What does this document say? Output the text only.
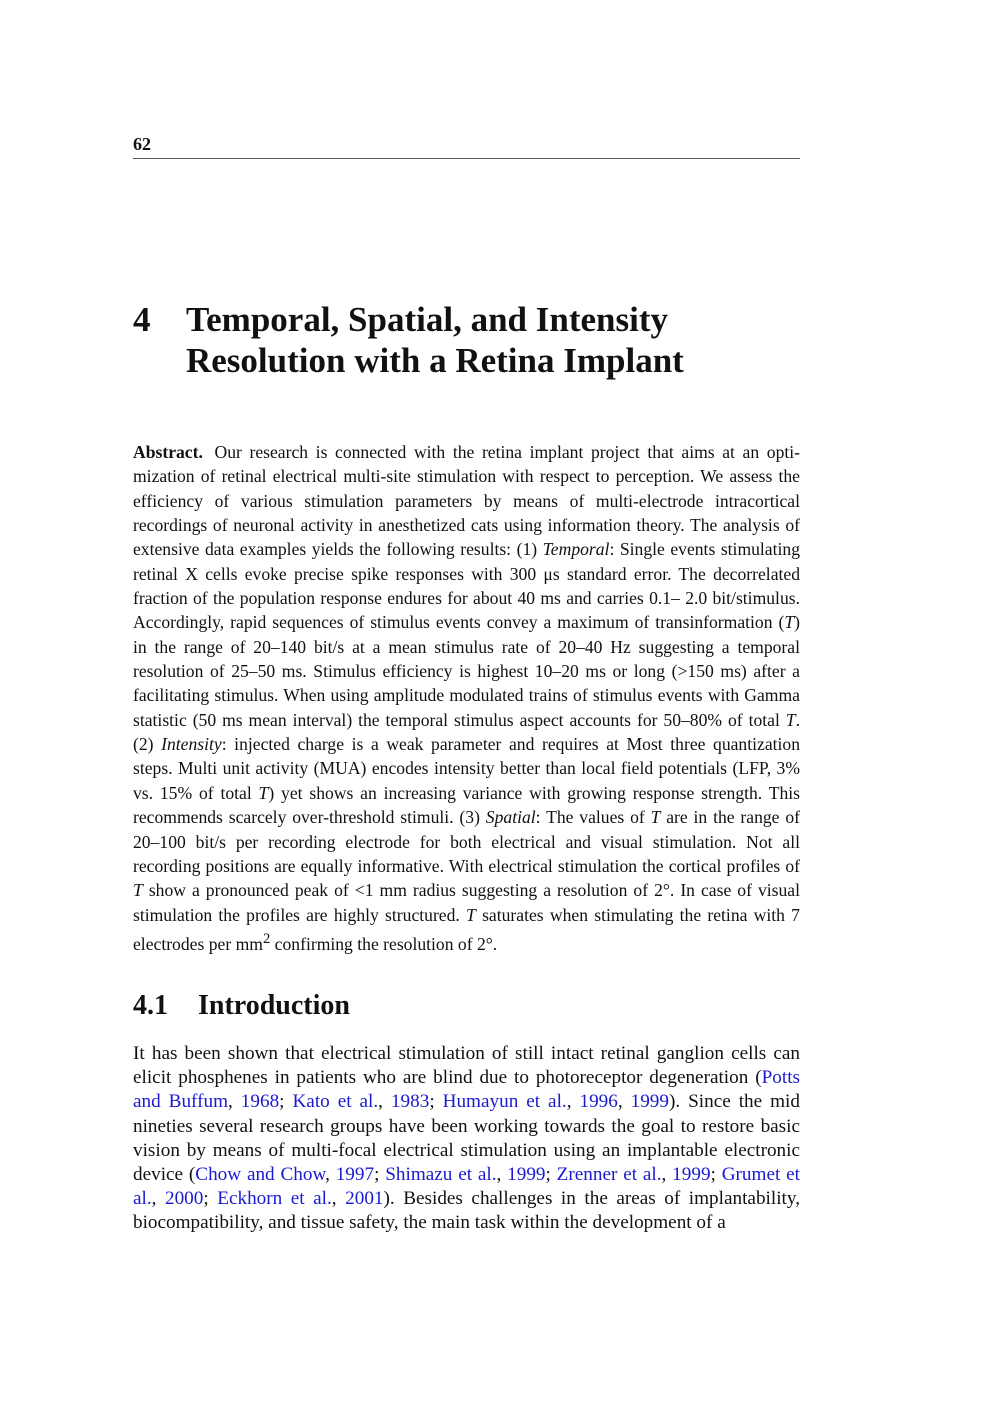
62
4	Temporal, Spatial, and Intensity
Resolution with a Retina Implant
Abstract. Our research is connected with the retina implant project that aims at an optimization of retinal electrical multi-site stimulation with respect to perception. We assess the efficiency of various stimulation parameters by means of multi-electrode intracortical recordings of neuronal activity in anesthetized cats using information theory. The analysis of extensive data examples yields the following results: (1) Temporal: Single events stimulating retinal X cells evoke precise spike responses with 300 μs standard error. The decorrelated fraction of the population response endures for about 40 ms and carries 0.1– 2.0 bit/stimulus. Accordingly, rapid sequences of stimulus events convey a maximum of transinformation (T) in the range of 20–140 bit/s at a mean stimulus rate of 20–40 Hz suggesting a temporal resolution of 25–50 ms. Stimulus efficiency is highest 10–20 ms or long (>150 ms) after a facilitating stimulus. When using amplitude modulated trains of stimulus events with Gamma statistic (50 ms mean interval) the temporal stimulus aspect accounts for 50–80% of total T. (2) Intensity: injected charge is a weak parameter and requires at Most three quantization steps. Multi unit activity (MUA) encodes intensity better than local field potentials (LFP, 3% vs. 15% of total T) yet shows an increasing variance with growing response strength. This recommends scarcely over-threshold stimuli. (3) Spatial: The values of T are in the range of 20–100 bit/s per recording electrode for both electrical and visual stimulation. Not all recording positions are equally informative. With electrical stimulation the cortical profiles of T show a pronounced peak of <1 mm radius suggesting a resolution of 2°. In case of visual stimulation the profiles are highly structured. T saturates when stimulating the retina with 7 electrodes per $mm^2$ confirming the resolution of 2°.
4.1	Introduction
It has been shown that electrical stimulation of still intact retinal ganglion cells can elicit phosphenes in patients who are blind due to photoreceptor degeneration (Potts and Buffum, 1968; Kato et al., 1983; Humayun et al., 1996, 1999). Since the mid nineties several research groups have been working towards the goal to restore basic vision by means of multi-focal electrical stimulation using an implantable electronic device (Chow and Chow, 1997; Shimazu et al., 1999; Zrenner et al., 1999; Grumet et al., 2000; Eckhorn et al., 2001). Besides challenges in the areas of implantability, biocompatibility, and tissue safety, the main task within the development of a
